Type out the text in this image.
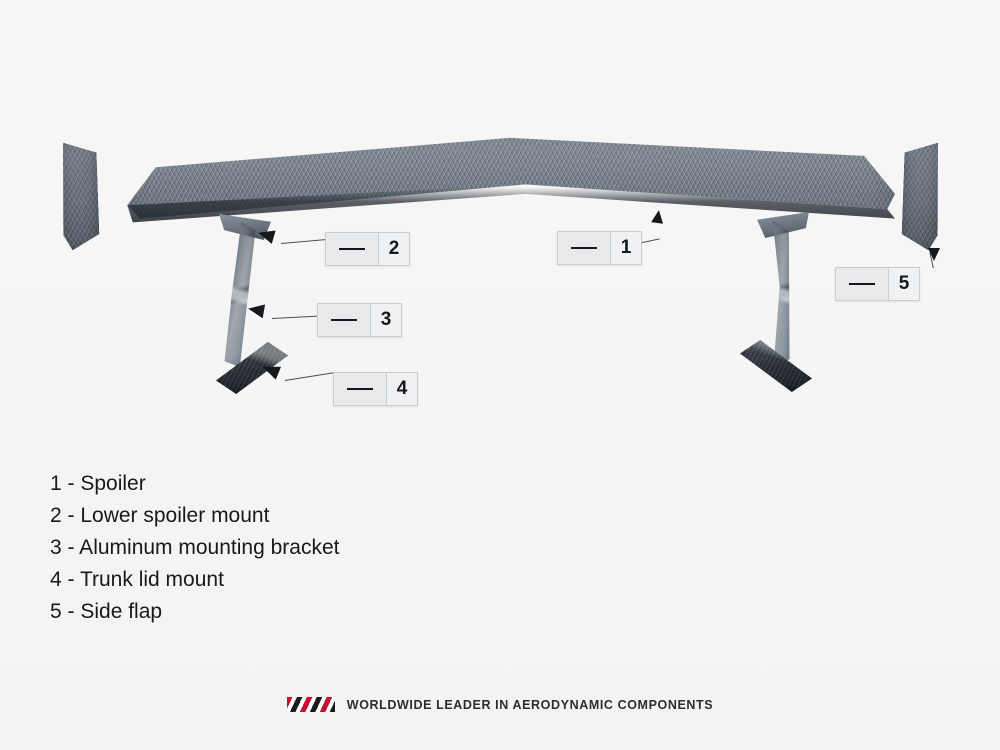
1
2
3
4
5
1 - Spoiler
2 - Lower spoiler mount
3 - Aluminum mounting bracket
4 - Trunk lid mount
5 - Side flap
WORLDWIDE LEADER IN AERODYNAMIC COMPONENTS
